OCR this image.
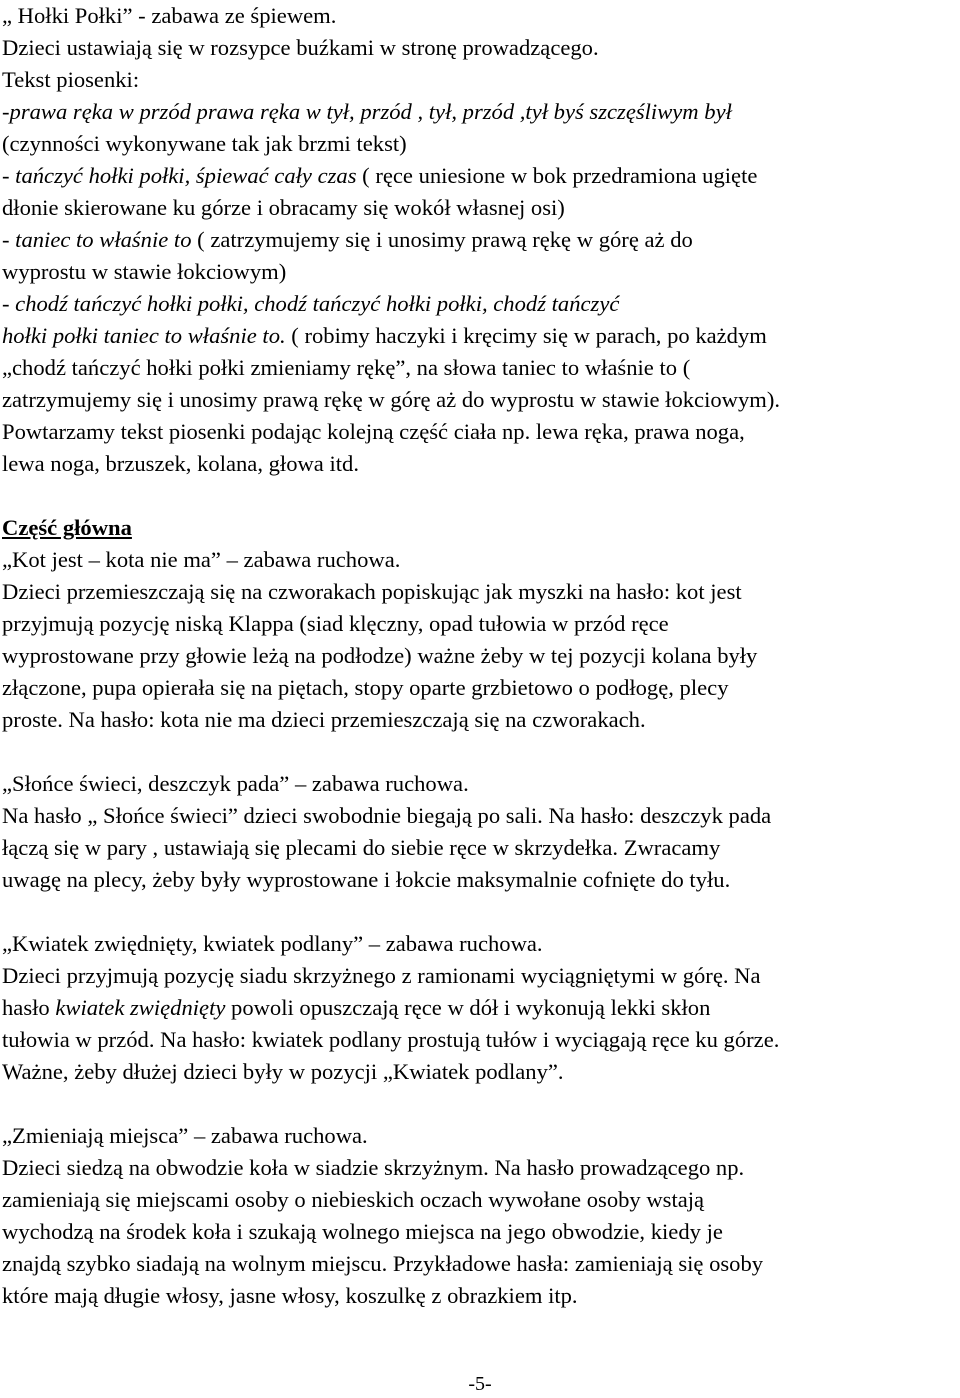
„ Hołki Połki” - zabawa ze śpiewem.
Dzieci ustawiają się w rozsypce buźkami w stronę prowadzącego.
Tekst piosenki:
-prawa ręka w przód prawa ręka w tył, przód , tył, przód ,tył byś szczęśliwym był
(czynności wykonywane tak jak brzmi tekst)
- tańczyć hołki połki, śpiewać cały czas ( ręce uniesione w bok przedramiona ugięte
dłonie skierowane ku górze i obracamy się wokół własnej osi)
- taniec to właśnie to ( zatrzymujemy się i unosimy prawą rękę w górę aż do
wyprostu w stawie łokciowym)
- chodź tańczyć hołki połki, chodź tańczyć hołki połki, chodź tańczyć
hołki połki taniec to właśnie to. ( robimy haczyki i kręcimy się w parach, po każdym
„chodź tańczyć hołki połki zmieniamy rękę”, na słowa taniec to właśnie to (
zatrzymujemy się i unosimy prawą rękę w górę aż do wyprostu w stawie łokciowym).
Powtarzamy tekst piosenki podając kolejną część ciała np. lewa ręka, prawa noga,
lewa noga, brzuszek, kolana, głowa itd.
Część główna
„Kot jest – kota nie ma” – zabawa ruchowa.
Dzieci przemieszczają się na czworakach popiskując jak myszki na hasło: kot jest
przyjmują pozycję niską Klappa (siad klęczny, opad tułowia w przód ręce
wyprostowane przy głowie leżą na podłodze) ważne żeby w tej pozycji kolana były
złączone, pupa opierała się na piętach, stopy oparte grzbietowo o podłogę, plecy
proste. Na hasło: kota nie ma dzieci przemieszczają się na czworakach.
„Słońce świeci, deszczyk pada” – zabawa ruchowa.
Na hasło „ Słońce świeci” dzieci swobodnie biegają po sali. Na hasło: deszczyk pada
łączą się w pary , ustawiają się plecami do siebie ręce w skrzydełka. Zwracamy
uwagę na plecy, żeby były wyprostowane i łokcie maksymalnie cofnięte do tyłu.
„Kwiatek zwiędnięty, kwiatek podlany” – zabawa ruchowa.
Dzieci przyjmują pozycję siadu skrzyżnego z ramionami wyciągniętymi w górę. Na
hasło kwiatek zwiędnięty powoli opuszczają ręce w dół i wykonują lekki skłon
tułowia w przód. Na hasło: kwiatek podlany prostują tułów i wyciągają ręce ku górze.
Ważne, żeby dłużej dzieci były w pozycji „Kwiatek podlany”.
„Zmieniają miejsca” – zabawa ruchowa.
Dzieci siedzą na obwodzie koła w siadzie skrzyżnym. Na hasło prowadzącego np.
zamieniają się miejscami osoby o niebieskich oczach wywołane osoby wstają
wychodzą na środek koła i szukają wolnego miejsca na jego obwodzie, kiedy je
znajdą szybko siadają na wolnym miejscu. Przykładowe hasła: zamieniają się osoby
które mają długie włosy, jasne włosy, koszulkę z obrazkiem itp.
-5-
